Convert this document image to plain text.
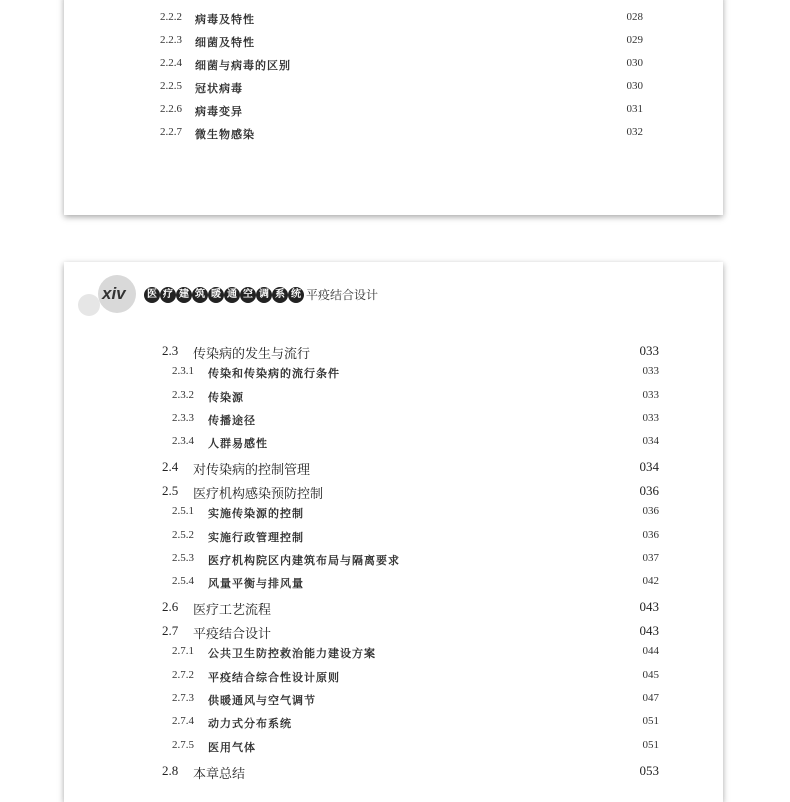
2.2.2 病毒及特性	028
2.2.3 细菌及特性	029
2.2.4 细菌与病毒的区别	030
2.2.5 冠状病毒	030
2.2.6 病毒变异	031
2.2.7 微生物感染	032
xiv	医 疗 建 筑 暖 通 空 调 系 统 平疫结合设计
2.3 传染病的发生与流行	033
2.3.1 传染和传染病的流行条件	033
2.3.2 传染源	033
2.3.3 传播途径	033
2.3.4 人群易感性	034
2.4 对传染病的控制管理	034
2.5 医疗机构感染预防控制	036
2.5.1 实施传染源的控制	036
2.5.2 实施行政管理控制	036
2.5.3 医疗机构院区内建筑布局与隔离要求	037
2.5.4 风量平衡与排风量	042
2.6 医疗工艺流程	043
2.7 平疫结合设计	043
2.7.1 公共卫生防控救治能力建设方案	044
2.7.2 平疫结合综合性设计原则	045
2.7.3 供暖通风与空气调节	047
2.7.4 动力式分布系统	051
2.7.5 医用气体	051
2.8 本章总结	053
